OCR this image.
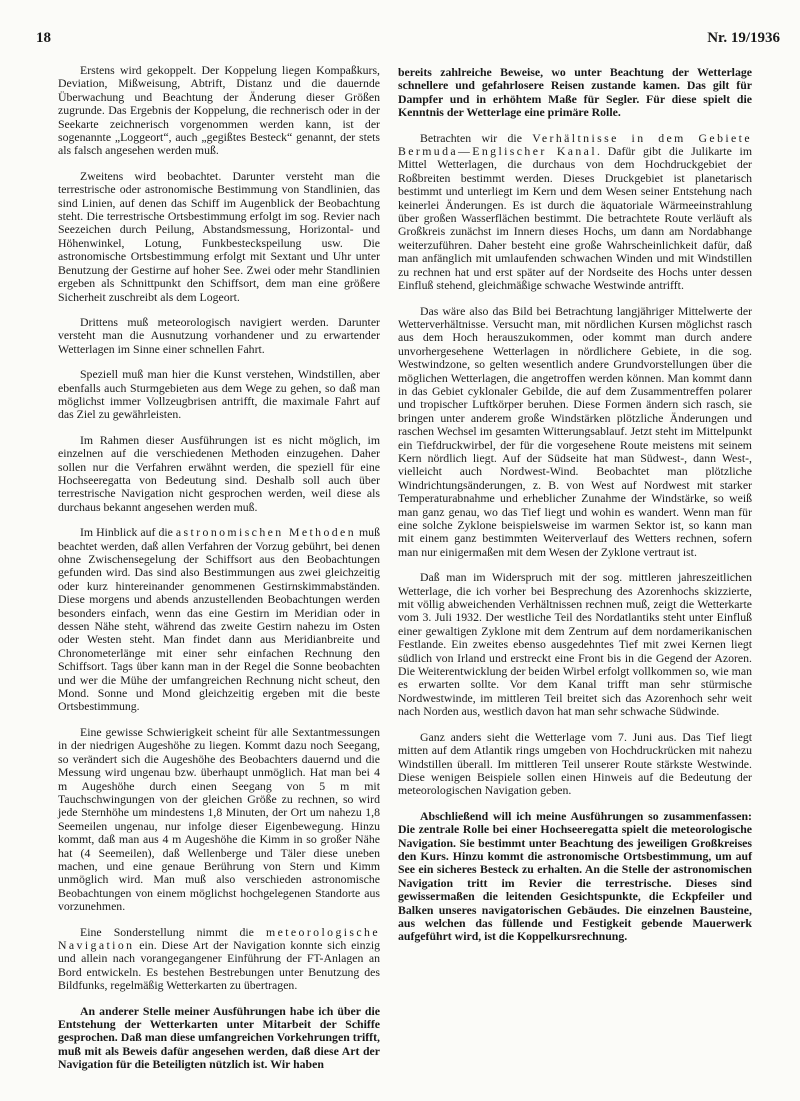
18	Nr. 19/1936

Erstens wird gekoppelt. Der Koppelung liegen Kompaßkurs, Deviation, Mißweisung, Abtrift, Distanz und die dauernde Überwachung und Beachtung der Änderung dieser Größen zugrunde. Das Ergebnis der Koppelung, die rechnerisch oder in der Seekarte zeichnerisch vorgenommen werden kann, ist der sogenannte „Loggeort“, auch „gegißtes Besteck“ genannt, der stets als falsch angesehen werden muß.

Zweitens wird beobachtet. Darunter versteht man die terrestrische oder astronomische Bestimmung von Standlinien, das sind Linien, auf denen das Schiff im Augenblick der Beobachtung steht. Die terrestrische Ortsbestimmung erfolgt im sog. Revier nach Seezeichen durch Peilung, Abstandsmessung, Horizontal- und Höhenwinkel, Lotung, Funkbesteckspeilung usw. Die astronomische Ortsbestimmung erfolgt mit Sextant und Uhr unter Benutzung der Gestirne auf hoher See. Zwei oder mehr Standlinien ergeben als Schnittpunkt den Schiffsort, dem man eine größere Sicherheit zuschreibt als dem Logeort.

Drittens muß meteorologisch navigiert werden. Darunter versteht man die Ausnutzung vorhandener und zu erwartender Wetterlagen im Sinne einer schnellen Fahrt.

Speziell muß man hier die Kunst verstehen, Windstillen, aber ebenfalls auch Sturmgebieten aus dem Wege zu gehen, so daß man möglichst immer Vollzeugbrisen antrifft, die maximale Fahrt auf das Ziel zu gewährleisten.

Im Rahmen dieser Ausführungen ist es nicht möglich, im einzelnen auf die verschiedenen Methoden einzugehen. Daher sollen nur die Verfahren erwähnt werden, die speziell für eine Hochseeregatta von Bedeutung sind. Deshalb soll auch über terrestrische Navigation nicht gesprochen werden, weil diese als durchaus bekannt angesehen werden muß.

Im Hinblick auf die astronomischen Methoden muß beachtet werden, daß allen Verfahren der Vorzug gebührt, bei denen ohne Zwischensegelung der Schiffsort aus den Beobachtungen gefunden wird. Das sind also Bestimmungen aus zwei gleichzeitig oder kurz hintereinander genommenen Gestirnskimmabständen. Diese morgens und abends anzustellenden Beobachtungen werden besonders einfach, wenn das eine Gestirn im Meridian oder in dessen Nähe steht, während das zweite Gestirn nahezu im Osten oder Westen steht. Man findet dann aus Meridianbreite und Chronometerlänge mit einer sehr einfachen Rechnung den Schiffsort. Tags über kann man in der Regel die Sonne beobachten und wer die Mühe der umfangreichen Rechnung nicht scheut, den Mond. Sonne und Mond gleichzeitig ergeben mit die beste Ortsbestimmung.

Eine gewisse Schwierigkeit scheint für alle Sextantmessungen in der niedrigen Augeshöhe zu liegen. Kommt dazu noch Seegang, so verändert sich die Augeshöhe des Beobachters dauernd und die Messung wird ungenau bzw. überhaupt unmöglich. Hat man bei 4 m Augeshöhe durch einen Seegang von 5 m mit Tauchschwingungen von der gleichen Größe zu rechnen, so wird jede Sternhöhe um mindestens 1,8 Minuten, der Ort um nahezu 1,8 Seemeilen ungenau, nur infolge dieser Eigenbewegung. Hinzu kommt, daß man aus 4 m Augeshöhe die Kimm in so großer Nähe hat (4 Seemeilen), daß Wellenberge und Täler diese uneben machen, und eine genaue Berührung von Stern und Kimm unmöglich wird. Man muß also verschieden astronomische Beobachtungen von einem möglichst hochgelegenen Standorte aus vorzunehmen.

Eine Sonderstellung nimmt die meteorologische Navigation ein. Diese Art der Navigation konnte sich einzig und allein nach vorangegangener Einführung der FT-Anlagen an Bord entwickeln. Es bestehen Bestrebungen unter Benutzung des Bildfunks, regelmäßig Wetterkarten zu übertragen.

An anderer Stelle meiner Ausführungen habe ich über die Entstehung der Wetterkarten unter Mitarbeit der Schiffe gesprochen. Daß man diese umfangreichen Vorkehrungen trifft, muß mit als Beweis dafür angesehen werden, daß diese Art der Navigation für die Beteiligten nützlich ist. Wir haben

bereits zahlreiche Beweise, wo unter Beachtung der Wetterlage schnellere und gefahrlosere Reisen zustande kamen. Das gilt für Dampfer und in erhöhtem Maße für Segler. Für diese spielt die Kenntnis der Wetterlage eine primäre Rolle.

Betrachten wir die Verhältnisse in dem Gebiete Bermuda—Englischer Kanal. Dafür gibt die Julikarte im Mittel Wetterlagen, die durchaus von dem Hochdruckgebiet der Roßbreiten bestimmt werden. Dieses Druckgebiet ist planetarisch bestimmt und unterliegt im Kern und dem Wesen seiner Entstehung nach keinerlei Änderungen. Es ist durch die äquatoriale Wärmeeinstrahlung über großen Wasserflächen bestimmt. Die betrachtete Route verläuft als Großkreis zunächst im Innern dieses Hochs, um dann am Nordabhange weiterzuführen. Daher besteht eine große Wahrscheinlichkeit dafür, daß man anfänglich mit umlaufenden schwachen Winden und mit Windstillen zu rechnen hat und erst später auf der Nordseite des Hochs unter dessen Einfluß stehend, gleichmäßige schwache Westwinde antrifft.

Das wäre also das Bild bei Betrachtung langjähriger Mittelwerte der Wetterverhältnisse. Versucht man, mit nördlichen Kursen möglichst rasch aus dem Hoch herauszukommen, oder kommt man durch andere unvorhergesehene Wetterlagen in nördlichere Gebiete, in die sog. Westwindzone, so gelten wesentlich andere Grundvorstellungen über die möglichen Wetterlagen, die angetroffen werden können. Man kommt dann in das Gebiet cyklonaler Gebilde, die auf dem Zusammentreffen polarer und tropischer Luftkörper beruhen. Diese Formen ändern sich rasch, sie bringen unter anderem große Windstärken plötzliche Änderungen und raschen Wechsel im gesamten Witterungsablauf. Jetzt steht im Mittelpunkt ein Tiefdruckwirbel, der für die vorgesehene Route meistens mit seinem Kern nördlich liegt. Auf der Südseite hat man Südwest-, dann West-, vielleicht auch Nordwest-Wind. Beobachtet man plötzliche Windrichtungsänderungen, z. B. von West auf Nordwest mit starker Temperaturabnahme und erheblicher Zunahme der Windstärke, so weiß man ganz genau, wo das Tief liegt und wohin es wandert. Wenn man für eine solche Zyklone beispielsweise im warmen Sektor ist, so kann man mit einem ganz bestimmten Weiterverlauf des Wetters rechnen, sofern man nur einigermaßen mit dem Wesen der Zyklone vertraut ist.

Daß man im Widerspruch mit der sog. mittleren jahreszeitlichen Wetterlage, die ich vorher bei Besprechung des Azorenhochs skizzierte, mit völlig abweichenden Verhältnissen rechnen muß, zeigt die Wetterkarte vom 3. Juli 1932. Der westliche Teil des Nordatlantiks steht unter Einfluß einer gewaltigen Zyklone mit dem Zentrum auf dem nordamerikanischen Festlande. Ein zweites ebenso ausgedehntes Tief mit zwei Kernen liegt südlich von Irland und erstreckt eine Front bis in die Gegend der Azoren. Die Weiterentwicklung der beiden Wirbel erfolgt vollkommen so, wie man es erwarten sollte. Vor dem Kanal trifft man sehr stürmische Nordwestwinde, im mittleren Teil breitet sich das Azorenhoch sehr weit nach Norden aus, westlich davon hat man sehr schwache Südwinde.

Ganz anders sieht die Wetterlage vom 7. Juni aus. Das Tief liegt mitten auf dem Atlantik rings umgeben von Hochdruckrücken mit nahezu Windstillen überall. Im mittleren Teil unserer Route stärkste Westwinde. Diese wenigen Beispiele sollen einen Hinweis auf die Bedeutung der meteorologischen Navigation geben.

Abschließend will ich meine Ausführungen so zusammenfassen: Die zentrale Rolle bei einer Hochseeregatta spielt die meteorologische Navigation. Sie bestimmt unter Beachtung des jeweiligen Großkreises den Kurs. Hinzu kommt die astronomische Ortsbestimmung, um auf See ein sicheres Besteck zu erhalten. An die Stelle der astronomischen Navigation tritt im Revier die terrestrische. Dieses sind gewissermaßen die leitenden Gesichtspunkte, die Eckpfeiler und Balken unseres navigatorischen Gebäudes. Die einzelnen Bausteine, aus welchen das füllende und Festigkeit gebende Mauerwerk aufgeführt wird, ist die Koppelkursrechnung.
